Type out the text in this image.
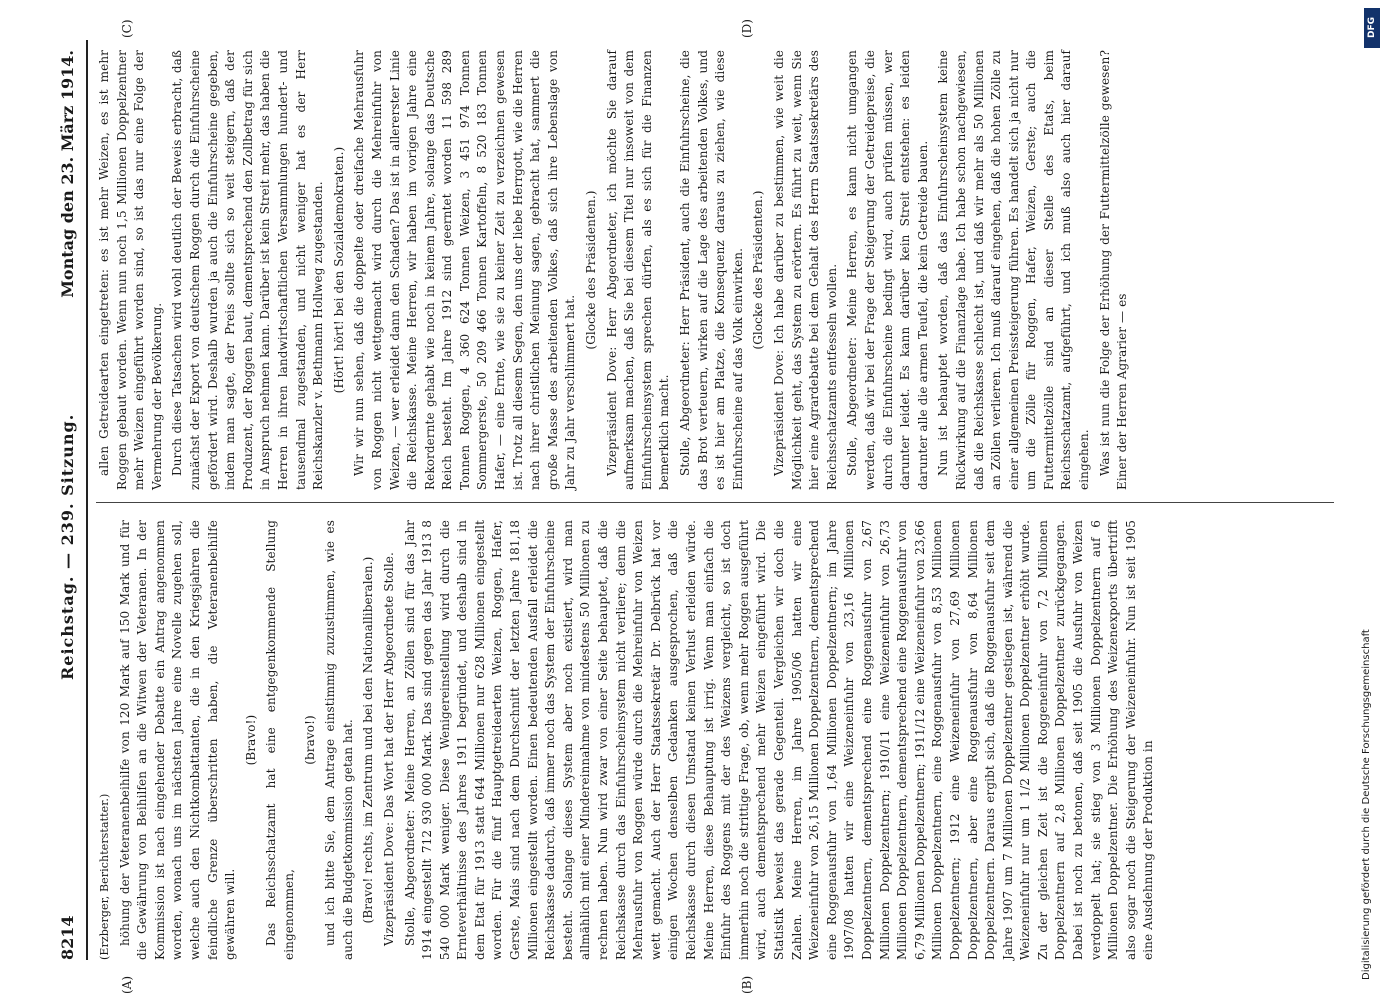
8214
Reichstag. — 239. Sitzung.
Montag den 23. März 1914.

(Erzberger, Berichterstatter.) höhung der Veteranenbeihilfe von 120 Mark auf 150 Mark und für die Gewährung von Beihilfen an die Witwen der Veteranen. In der Kommission ist nach eingehender Debatte ein Antrag angenommen worden, wonach uns im nächsten Jahre eine Novelle zugehen soll, welche auch den Nichtkombattanten, die in den Kriegsjahren die feindliche Grenze überschritten haben, die Veteranenbeihilfe gewähren will.

(Bravo!) Das Reichsschatzamt hat eine entgegenkommende Stellung eingenommen,

(bravo!) und ich bitte Sie, dem Antrage einstimmig zuzustimmen, wie es auch die Budgetkommission getan hat. (Bravo! rechts, im Zentrum und bei den Nationalliberalen.) Vizepräsident Dove: Das Wort hat der Herr Abgeordnete Stolle. Stolle, Abgeordneter: Meine Herren, an Zöllen sind für das Jahr 1914 eingestellt 712 930 000 Mark. Das sind gegen das Jahr 1913 8 540 000 Mark weniger. Diese Wenigereinstellung wird durch die Ernteverhältnisse des Jahres 1911 begründet, und deshalb sind in dem Etat für 1913 statt 644 Millionen nur 628 Millionen eingestellt worden. Für die fünf Hauptgetreidearten Weizen, Roggen, Hafer, Gerste, Mais sind nach dem Durchschnitt der letzten Jahre 181,18 Millionen eingestellt worden. Einen bedeutenden Ausfall erleidet die Reichskasse dadurch, daß immer noch das System der Einfuhrscheine besteht. Solange dieses System aber noch existiert, wird man allmählich mit einer Mindereinnahme von mindestens 50 Millionen zu rechnen haben. Nun wird zwar von einer Seite behauptet, daß die Reichskasse durch das Einfuhrscheinsystem nicht verliere; denn die Mehrausfuhr von Roggen würde durch die Mehreinfuhr von Weizen wett gemacht. Auch der Herr Staatssekretär Dr. Delbrück hat vor einigen Wochen denselben Gedanken ausgesprochen, daß die Reichskasse durch diesen Umstand keinen Verlust erleiden würde. Meine Herren, diese Behauptung ist irrig. Wenn man einfach die Einfuhr des Roggens mit der des Weizens vergleicht, so ist doch immerhin noch die strittige Frage, ob, wenn mehr Roggen ausgeführt wird, auch dementsprechend mehr Weizen eingeführt wird. Die Statistik beweist das gerade Gegenteil. Vergleichen wir doch die Zahlen. Meine Herren, im Jahre 1905/06 hatten wir eine Weizeneinfuhr von 26,15 Millionen Doppelzentnern, dementsprechend eine Roggenausfuhr von 1,64 Millionen Doppelzentnern; im Jahre 1907/08 hatten wir eine Weizeneinfuhr von 23,16 Millionen Doppelzentnern, dementsprechend eine Roggenausfuhr von 2,67 Millionen Doppelzentnern; 1910/11 eine Weizeneinfuhr von 26,73 Millionen Doppelzentnern, dementsprechend eine Roggenausfuhr von 6,79 Millionen Doppelzentnern; 1911/12 eine Weizeneinfuhr von 23,66 Millionen Doppelzentnern, eine Roggenausfuhr von 8,53 Millionen Doppelzentnern; 1912 eine Weizeneinfuhr von 27,69 Millionen Doppelzentnern, aber eine Roggenausfuhr von 8,64 Millionen Doppelzentnern. Daraus ergibt sich, daß die Roggenausfuhr seit dem Jahre 1907 um 7 Millionen Doppelzentner gestiegen ist, während die Weizeneinfuhr nur um 1 1/2 Millionen Doppelzentner erhöht wurde. Zu der gleichen Zeit ist die Roggeneinfuhr von 7,2 Millionen Doppelzentnern auf 2,8 Millionen Doppelzentner zurückgegangen. Dabei ist noch zu betonen, daß seit 1905 die Ausfuhr von Weizen verdoppelt hat; sie stieg von 3 Millionen Doppelzentnern auf 6 Millionen Doppelzentner. Die Erhöhung des Weizenexports übertrifft also sogar noch die Steigerung der Weizeneinfuhr. Nun ist seit 1905 eine Ausdehnung der Produktion in

allen Getreidearten eingetreten: es ist mehr Weizen, es ist mehr Roggen gebaut worden. Wenn nun noch 1,5 Millionen Doppelzentner mehr Weizen eingeführt worden sind, so ist das nur eine Folge der Vermehrung der Bevölkerung. Durch diese Tatsachen wird wohl deutlich der Beweis erbracht, daß zunächst der Export von deutschem Roggen durch die Einfuhrscheine gefördert wird. Deshalb wurden ja auch die Einfuhrscheine gegeben, indem man sagte, der Preis sollte sich so weit steigern, daß der Produzent, der Roggen baut, dementsprechend den Zollbetrag für sich in Anspruch nehmen kann. Darüber ist kein Streit mehr, das haben die Herren in ihren landwirtschaftlichen Versammlungen hundert- und tausendmal zugestanden, und nicht weniger hat es der Herr Reichskanzler v. Bethmann Hollweg zugestanden. (Hört! hört! bei den Sozialdemokraten.) Wir wir nun sehen, daß die doppelte oder dreifache Mehrausfuhr von Roggen nicht wettgemacht wird durch die Mehreinfuhr von Weizen, — wer erleidet dann den Schaden? Das ist in allererster Linie die Reichskasse. Meine Herren, wir haben im vorigen Jahre eine Rekordernte gehabt wie noch in keinem Jahre, solange das Deutsche Reich besteht. Im Jahre 1912 sind geerntet worden 11 598 289 Tonnen Roggen, 4 360 624 Tonnen Weizen, 3 451 974 Tonnen Sommergerste, 50 209 466 Tonnen Kartoffeln, 8 520 183 Tonnen Hafer, — eine Ernte, wie sie zu keiner Zeit zu verzeichnen gewesen ist. Trotz all diesem Segen, den uns der liebe Herrgott, wie die Herren nach ihrer christlichen Meinung sagen, gebracht hat, sammert die große Masse des arbeitenden Volkes, daß sich ihre Lebenslage von Jahr zu Jahr verschlimmert hat.

(Glocke des Präsidenten.) Vizepräsident Dove: Herr Abgeordneter, ich möchte Sie darauf aufmerksam machen, daß Sie bei diesem Titel nur insoweit von dem Einfuhrscheinsystem sprechen dürfen, als es sich für die Finanzen bemerklich macht. Stolle, Abgeordneter: Herr Präsident, auch die Einfuhrscheine, die das Brot verteuern, wirken auf die Lage des arbeitenden Volkes, und es ist hier am Platze, die Konsequenz daraus zu ziehen, wie diese Einfuhrscheine auf das Volk einwirken. (Glocke des Präsidenten.) Vizepräsident Dove: Ich habe darüber zu bestimmen, wie weit die Möglichkeit geht, das System zu erörtern. Es führt zu weit, wenn Sie hier eine Agrardebatte bei dem Gehalt des Herrn Staatssekretärs des Reichsschatzamts entfesseln wollen. Stolle, Abgeordneter: Meine Herren, es kann nicht umgangen werden, daß wir bei der Frage der Steigerung der Getreidepreise, die durch die Einfuhrscheine bedingt wird, auch prüfen müssen, wer darunter leidet. Es kann darüber kein Streit entstehen: es leiden darunter alle die armen Teufel, die kein Getreide bauen. Nun ist behauptet worden, daß das Einfuhrscheinsystem keine Rückwirkung auf die Finanzlage habe. Ich habe schon nachgewiesen, daß die Reichskasse schlecht ist, und daß wir mehr als 50 Millionen an Zöllen verlieren. Ich muß darauf eingehen, daß die hohen Zölle zu einer allgemeinen Preissteigerung führen. Es handelt sich ja nicht nur um die Zölle für Roggen, Hafer, Weizen, Gerste; auch die Futtermittelzölle sind an dieser Stelle des Etats, beim Reichsschatzamt, aufgeführt, und ich muß also auch hier darauf eingehen. Was ist nun die Folge der Erhöhung der Futtermittelzölle gewesen? Einer der Herren Agrarier — es

(A)	(B)
(C)	(D)	DFG
Digitalisierung gefördert durch die Deutsche Forschungsgemeinschaft
